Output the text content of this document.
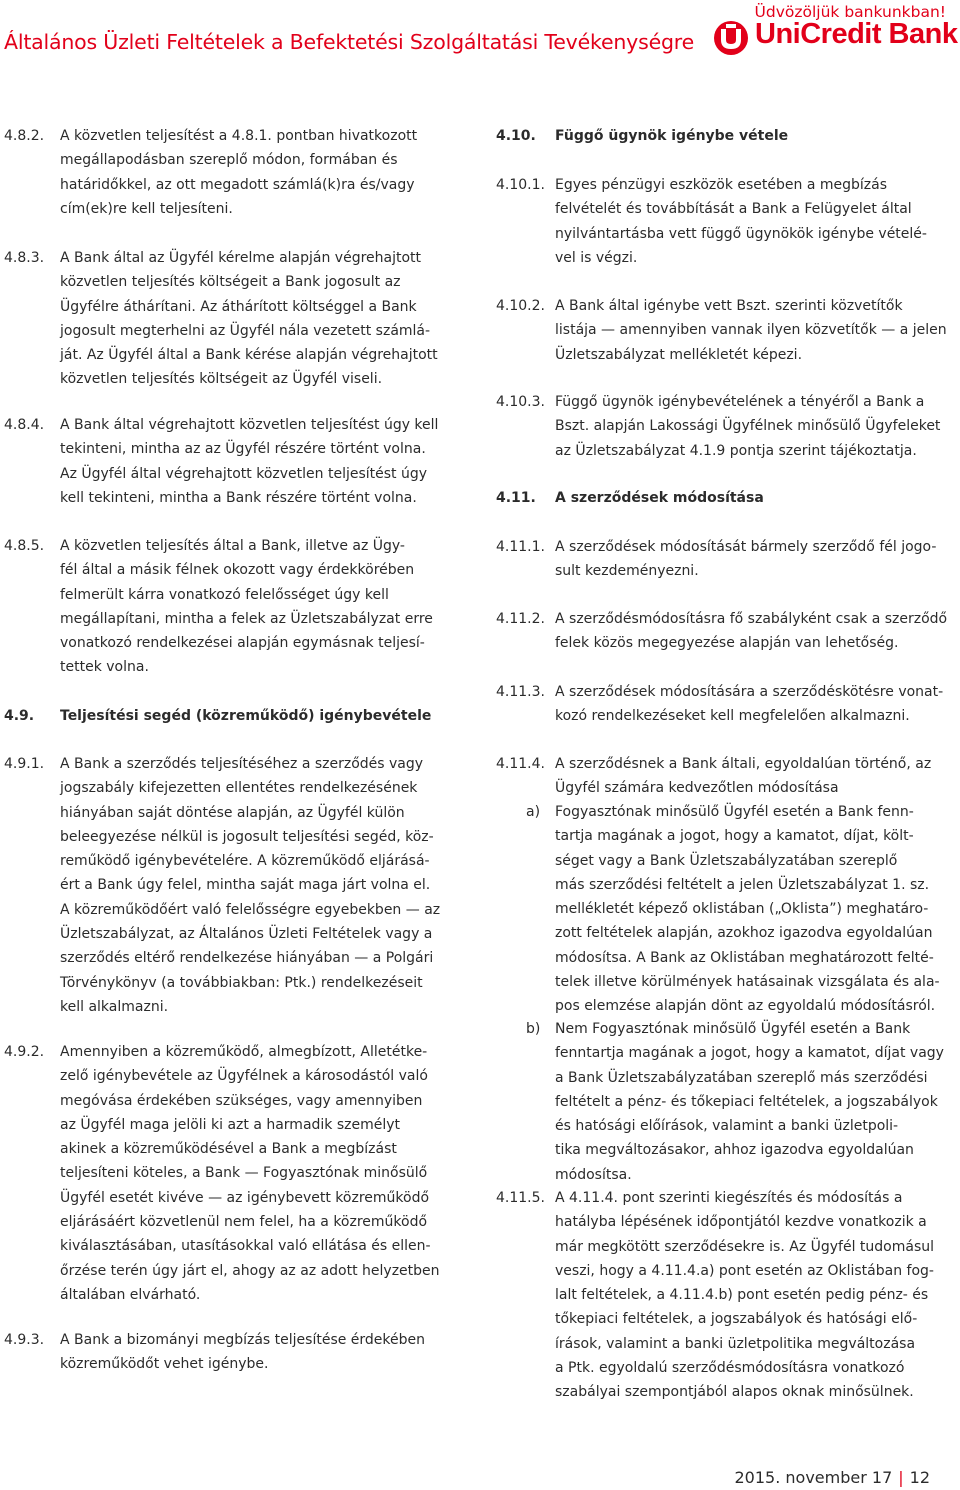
Általános Üzleti Feltételek a Befektetési Szolgáltatási Tevékenységre
Üdvözöljük bankunkban!
UniCredit Bank
4.8.2. A közvetlen teljesítést a 4.8.1. pontban hivatkozott
megállapodásban szereplő módon, formában és
határidőkkel, az ott megadott számlá(k)ra és/vagy
cím(ek)re kell teljesíteni.
4.8.3. A Bank által az Ügyfél kérelme alapján végrehajtott
közvetlen teljesítés költségeit a Bank jogosult az
Ügyfélre áthárítani. Az áthárított költséggel a Bank
jogosult megterhelni az Ügyfél nála vezetett számlá-
ját. Az Ügyfél által a Bank kérése alapján végrehajtott
közvetlen teljesítés költségeit az Ügyfél viseli.
4.8.4. A Bank által végrehajtott közvetlen teljesítést úgy kell
tekinteni, mintha az az Ügyfél részére történt volna.
Az Ügyfél által végrehajtott közvetlen teljesítést úgy
kell tekinteni, mintha a Bank részére történt volna.
4.8.5. A közvetlen teljesítés által a Bank, illetve az Ügy-
fél által a másik félnek okozott vagy érdekkörében
felmerült kárra vonatkozó felelősséget úgy kell
megállapítani, mintha a felek az Üzletszabályzat erre
vonatkozó rendelkezései alapján egymásnak teljesí-
tettek volna.
4.9. Teljesítési segéd (közreműködő) igénybevétele
4.9.1. A Bank a szerződés teljesítéséhez a szerződés vagy
jogszabály kifejezetten ellentétes rendelkezésének
hiányában saját döntése alapján, az Ügyfél külön
beleegyezése nélkül is jogosult teljesítési segéd, köz-
reműködő igénybevételére. A közreműködő eljárásá-
ért a Bank úgy felel, mintha saját maga járt volna el.
A közreműködőért való felelősségre egyebekben — az
Üzletszabályzat, az Általános Üzleti Feltételek vagy a
szerződés eltérő rendelkezése hiányában — a Polgári
Törvénykönyv (a továbbiakban: Ptk.) rendelkezéseit
kell alkalmazni.
4.9.2. Amennyiben a közreműködő, almegbízott, Alletétke-
zelő igénybevétele az Ügyfélnek a károsodástól való
megóvása érdekében szükséges, vagy amennyiben
az Ügyfél maga jelöli ki azt a harmadik személyt
akinek a közreműködésével a Bank a megbízást
teljesíteni köteles, a Bank — Fogyasztónak minősülő
Ügyfél esetét kivéve — az igénybevett közreműködő
eljárásáért közvetlenül nem felel, ha a közreműködő
kiválasztásában, utasításokkal való ellátása és ellen-
őrzése terén úgy járt el, ahogy az az adott helyzetben
általában elvárható.
4.9.3. A Bank a bizományi megbízás teljesítése érdekében
közreműködőt vehet igénybe.
4.10. Függő ügynök igénybe vétele
4.10.1. Egyes pénzügyi eszközök esetében a megbízás
felvételét és továbbítását a Bank a Felügyelet által
nyilvántartásba vett függő ügynökök igénybe vételé-
vel is végzi.
4.10.2. A Bank által igénybe vett Bszt. szerinti közvetítők
listája — amennyiben vannak ilyen közvetítők — a jelen
Üzletszabályzat mellékletét képezi.
4.10.3. Függő ügynök igénybevételének a tényéről a Bank a
Bszt. alapján Lakossági Ügyfélnek minősülő Ügyfeleket
az Üzletszabályzat 4.1.9 pontja szerint tájékoztatja.
4.11. A szerződések módosítása
4.11.1. A szerződések módosítását bármely szerződő fél jogo-
sult kezdeményezni.
4.11.2. A szerződésmódosításra fő szabályként csak a szerződő
felek közös megegyezése alapján van lehetőség.
4.11.3. A szerződések módosítására a szerződéskötésre vonat-
kozó rendelkezéseket kell megfelelően alkalmazni.
4.11.4. A szerződésnek a Bank általi, egyoldalúan történő, az
Ügyfél számára kedvezőtlen módosítása
a) Fogyasztónak minősülő Ügyfél esetén a Bank fenn-
tartja magának a jogot, hogy a kamatot, díjat, költ-
séget vagy a Bank Üzletszabályzatában szereplő
más szerződési feltételt a jelen Üzletszabályzat 1. sz.
mellékletét képező oklistában („Oklista”) meghatáro-
zott feltételek alapján, azokhoz igazodva egyoldalúan
módosítsa. A Bank az Oklistában meghatározott felté-
telek illetve körülmények hatásainak vizsgálata és ala-
pos elemzése alapján dönt az egyoldalú módosításról.
b) Nem Fogyasztónak minősülő Ügyfél esetén a Bank
fenntartja magának a jogot, hogy a kamatot, díjat vagy
a Bank Üzletszabályzatában szereplő más szerződési
feltételt a pénz- és tőkepiaci feltételek, a jogszabályok
és hatósági előírások, valamint a banki üzletpoli-
tika megváltozásakor, ahhoz igazodva egyoldalúan
módosítsa.
4.11.5. A 4.11.4. pont szerinti kiegészítés és módosítás a
hatályba lépésének időpontjától kezdve vonatkozik a
már megkötött szerződésekre is. Az Ügyfél tudomásul
veszi, hogy a 4.11.4.a) pont esetén az Oklistában fog-
lalt feltételek, a 4.11.4.b) pont esetén pedig pénz- és
tőkepiaci feltételek, a jogszabályok és hatósági elő-
írások, valamint a banki üzletpolitika megváltozása
a Ptk. egyoldalú szerződésmódosításra vonatkozó
szabályai szempontjából alapos oknak minősülnek.
2015. november 17 | 12
